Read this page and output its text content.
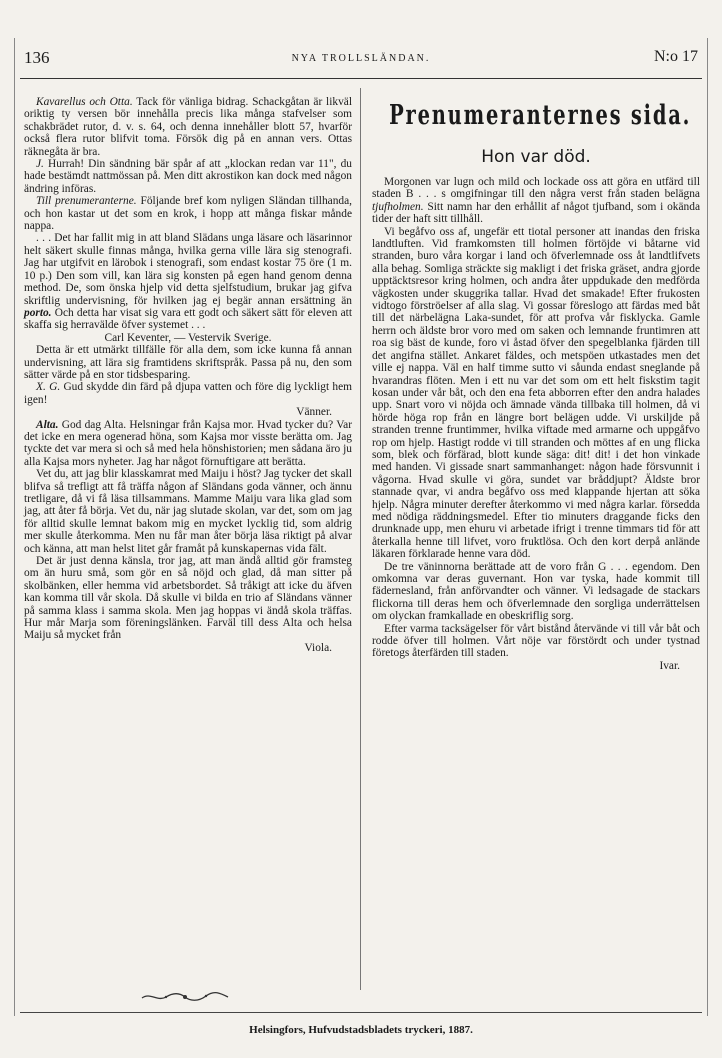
136	NYA TROLLSLÄNDAN.	N:o 17

Kavarellus och Otta. Tack för vänliga bidrag. Schackgåtan är likväl oriktig ty versen bör innehålla precis lika många stafvelser som schakbrädet rutor, d. v. s. 64, och denna innehåller blott 57, hvarför också flera rutor blifvit toma. Försök dig på en annan vers. Ottas räknegåta är bra.

J. Hurrah! Din sändning bär spår af att „klockan redan var 11", du hade bestämdt nattmössan på. Men ditt akrostikon kan dock med någon ändring införas.

Till prenumeranterne. Följande bref kom nyligen Sländan tillhanda, och hon kastar ut det som en krok, i hopp att många fiskar månde nappa.

. . . Det har fallit mig in att bland Slädans unga läsare och läsarinnor helt säkert skulle finnas många, hvilka gerna ville lära sig stenografi. Jag har utgifvit en lärobok i stenografi, som endast kostar 75 öre (1 m. 10 p.) Den som vill, kan lära sig konsten på egen hand genom denna method. De, som önska hjelp vid detta sjelfstudium, brukar jag gifva skriftlig undervisning, för hvilken jag ej begär annan ersättning än porto. Och detta har visat sig vara ett godt och säkert sätt för eleven att skaffa sig herravälde öfver systemet . . .

Carl Keventer, — Vestervik Sverige.

Detta är ett utmärkt tillfälle för alla dem, som icke kunna få annan undervisning, att lära sig framtidens skriftspråk. Passa på nu, den som sätter värde på en stor tidsbesparing.

X. G. Gud skydde din färd på djupa vatten och före dig lyckligt hem igen!

Vänner.

Alta. God dag Alta. Helsningar från Kajsa mor. Hvad tycker du? Var det icke en mera ogenerad höna, som Kajsa mor visste berätta om. Jag tyckte det var mera si och så med hela hönshistorien; men sådana äro ju alla Kajsa mors nyheter. Jag har något förnuftigare att berätta.

Vet du, att jag blir klasskamrat med Maiju i höst? Jag tycker det skall blifva så trefligt att få träffa någon af Sländans goda vänner, och ännu tretligare, då vi få läsa tillsammans. Mamme Maiju vara lika glad som jag, att åter få börja. Vet du, när jag slutade skolan, var det, som om jag för alltid skulle lemnat bakom mig en mycket lycklig tid, som aldrig mer skulle återkomma. Men nu får man åter börja läsa riktigt på alvar och känna, att man helst litet går framåt på kunskapernas vida fält.

Det är just denna känsla, tror jag, att man ändå alltid gör framsteg om än huru små, som gör en så nöjd och glad, då man sitter på skolbänken, eller hemma vid arbetsbordet. Så tråkigt att icke du äfven kan komma till vår skola. Då skulle vi bilda en trio af Sländans vänner på samma klass i samma skola. Men jag hoppas vi ändå skola träffas. Hur mår Marja som föreningslänken. Farväl till dess Alta och helsa Maiju så mycket från

Viola.

Prenumeranternes sida.
Hon var död.

Morgonen var lugn och mild och lockade oss att göra en utfärd till staden B . . . s omgifningar till den några verst från staden belägna tjufholmen. Sitt namn har den erhållit af något tjufband, som i okända tider der haft sitt tillhåll.

Vi begåfvo oss af, ungefär ett tiotal personer att inandas den friska landtluften. Vid framkomsten till holmen förtöjde vi båtarne vid stranden, buro våra korgar i land och öfverlemnade oss åt landtlifvets alla behag. Somliga sträckte sig makligt i det friska gräset, andra gjorde upptäcktsresor kring holmen, och andra åter uppdukade den medförda vägkosten under skuggrika tallar. Hvad det smakade! Efter frukosten vidtogo förströelser af alla slag. Vi gossar föreslogo att färdas med båt till det närbelägna Laka-sundet, för att profva vår fisklycka. Gamle herrn och äldste bror voro med om saken och lemnande fruntimren att roa sig bäst de kunde, foro vi åstad öfver den spegelblanka fjärden till det angifna stället. Ankaret fäldes, och metspöen utkastades men det ville ej nappa. Väl en half timme sutto vi såunda endast sneglande på hvarandras flöten. Men i ett nu var det som om ett helt fiskstim tagit kosan under vår båt, och den ena feta abborren efter den andra halades upp. Snart voro vi nöjda och ämnade vända tillbaka till holmen, då vi hörde höga rop från en längre bort belägen udde. Vi urskiljde på stranden trenne fruntimmer, hvilka viftade med armarne och uppgåfvo rop om hjelp. Hastigt rodde vi till stranden och möttes af en ung flicka som, blek och förfärad, blott kunde säga: dit! dit! i det hon vinkade med handen. Vi gissade snart sammanhanget: någon hade försvunnit i vågorna. Hvad skulle vi göra, sundet var bråddjupt? Äldste bror stannade qvar, vi andra begåfvo oss med klappande hjertan att söka hjelp. Några minuter derefter återkommo vi med några karlar. försedda med nödiga räddningsmedel. Efter tio minuters draggande ficks den drunknade upp, men ehuru vi arbetade ifrigt i trenne timmars tid för att återkalla henne till lifvet, voro fruktlösa. Och den kort derpå anlände läkaren förklarade henne vara död.

De tre väninnorna berättade att de voro från G . . . egendom. Den omkomna var deras guvernant. Hon var tyska, hade kommit till fädernesland, från anförvandter och vänner. Vi ledsagade de stackars flickorna till deras hem och öfverlemnade den sorgliga underrättelsen om olyckan framkallade en obeskriflig sorg.

Efter varma tacksägelser för vårt bistånd återvände vi till vår båt och rodde öfver till holmen. Vårt nöje var förstördt och under tystnad företogs återfärden till staden.

Ivar.

Helsingfors, Hufvudstadsbladets tryckeri, 1887.
